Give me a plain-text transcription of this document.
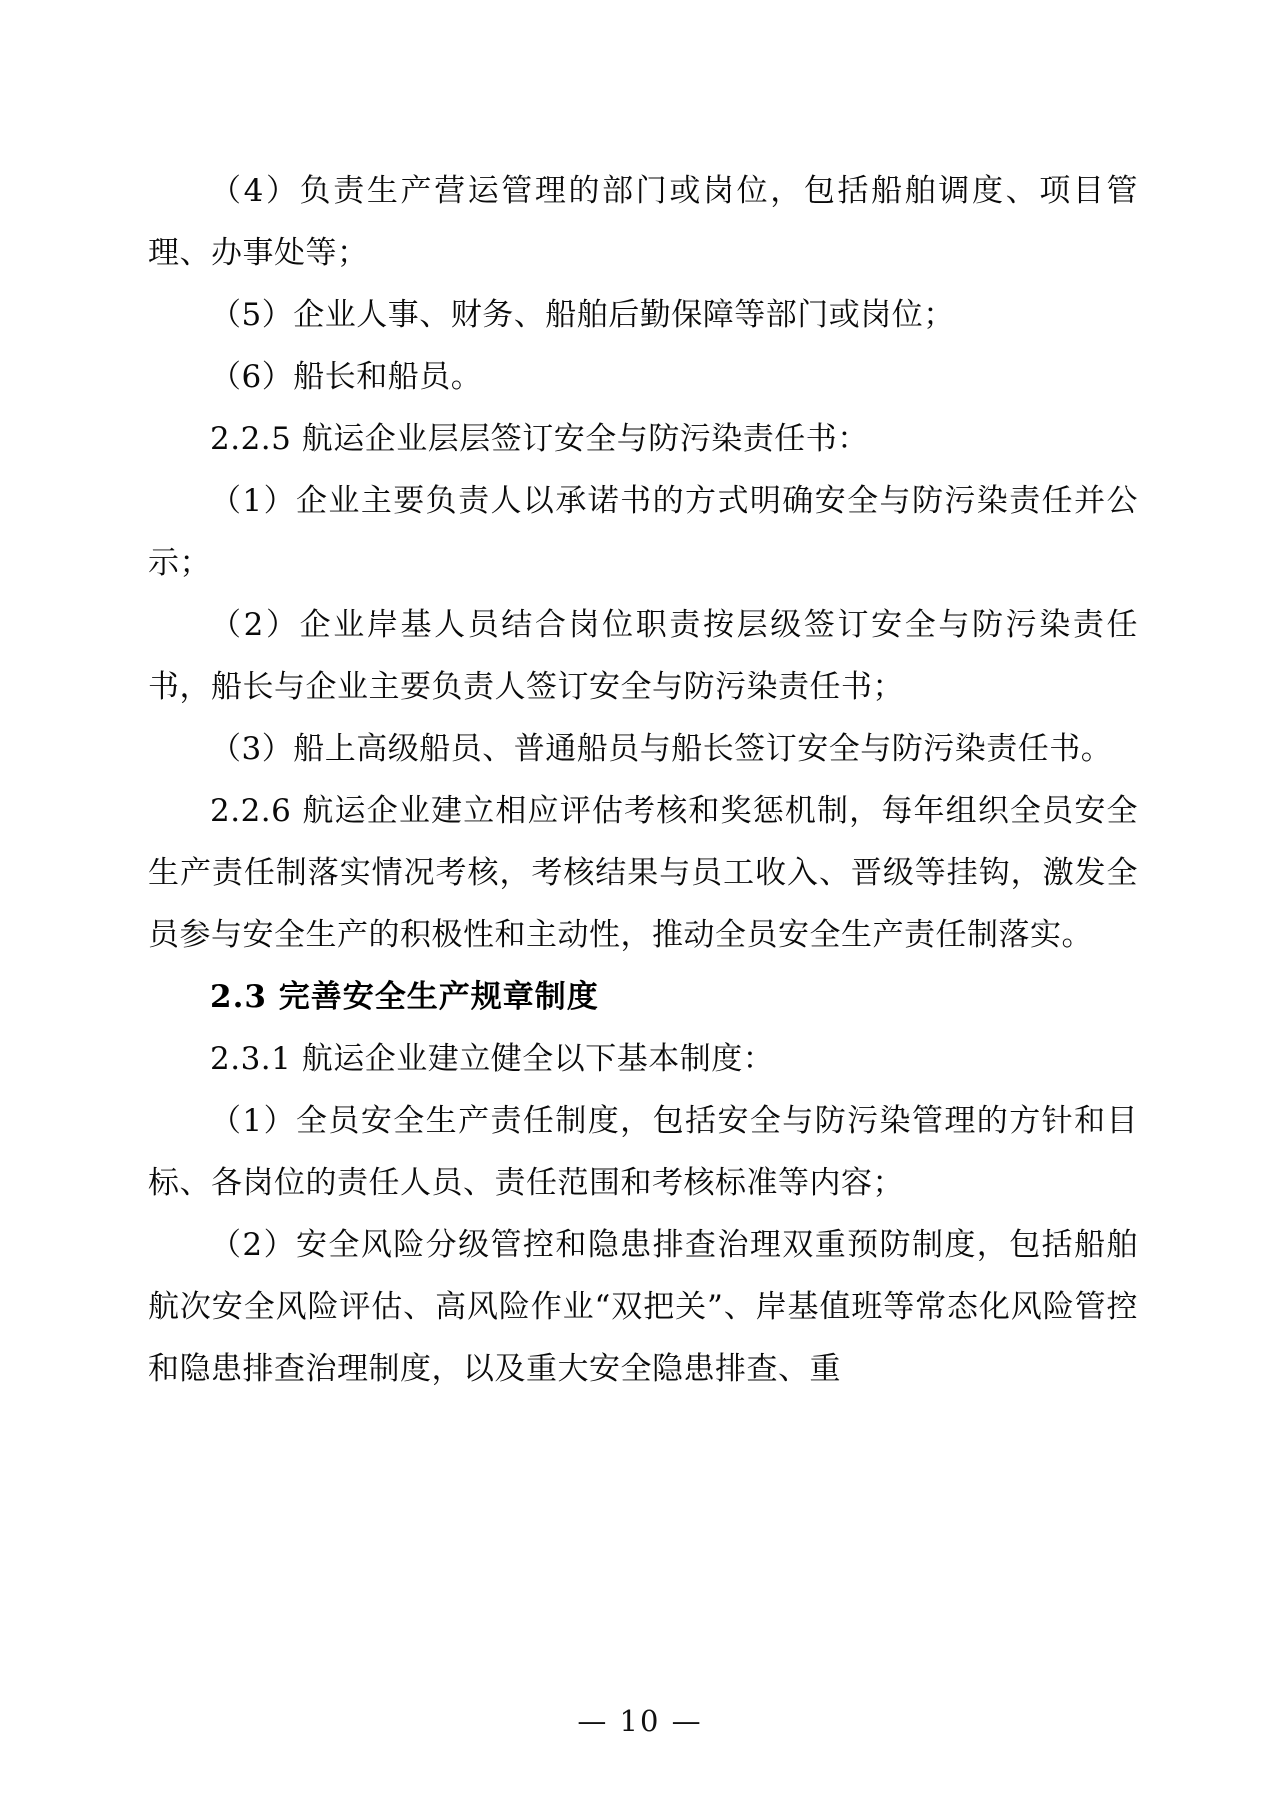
（4）负责生产营运管理的部门或岗位，包括船舶调度、项目管理、办事处等；

（5）企业人事、财务、船舶后勤保障等部门或岗位；

（6）船长和船员。

2.2.5 航运企业层层签订安全与防污染责任书：

（1）企业主要负责人以承诺书的方式明确安全与防污染责任并公示；

（2）企业岸基人员结合岗位职责按层级签订安全与防污染责任书，船长与企业主要负责人签订安全与防污染责任书；

（3）船上高级船员、普通船员与船长签订安全与防污染责任书。

2.2.6 航运企业建立相应评估考核和奖惩机制，每年组织全员安全生产责任制落实情况考核，考核结果与员工收入、晋级等挂钩，激发全员参与安全生产的积极性和主动性，推动全员安全生产责任制落实。

2.3 完善安全生产规章制度

2.3.1 航运企业建立健全以下基本制度：

（1）全员安全生产责任制度，包括安全与防污染管理的方针和目标、各岗位的责任人员、责任范围和考核标准等内容；

（2）安全风险分级管控和隐患排查治理双重预防制度，包括船舶航次安全风险评估、高风险作业“双把关”、岸基值班等常态化风险管控和隐患排查治理制度，以及重大安全隐患排查、重

— 10 —
